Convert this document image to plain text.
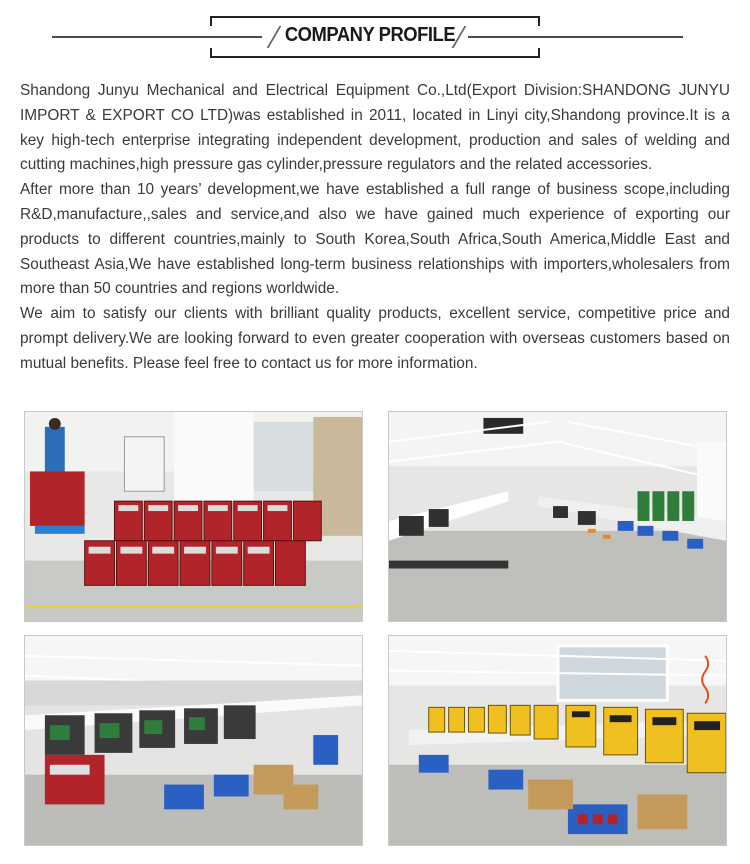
COMPANY PROFILE

Shandong Junyu Mechanical and Electrical Equipment Co.,Ltd(Export Division:SHANDONG JUNYU IMPORT & EXPORT CO LTD)was established in 2011, located in Linyi city,Shandong province.It is a key high-tech enterprise integrating independent development, production and sales of welding and cutting machines,high pressure gas cylinder,pressure regulators and the related accessories.

After more than 10 years’ development,we have established a full range of business scope,including R&D,manufacture,,sales and service,and also we have gained much experience of exporting our products to different countries,mainly to South Korea,South Africa,South America,Middle East and Southeast Asia,We have established long-term business relationships with importers,wholesalers from more than 50 countries and regions worldwide.

We aim to satisfy our clients with brilliant quality products, excellent service, competitive price and prompt delivery.We are looking forward to even greater cooperation with overseas customers based on mutual benefits. Please feel free to contact us for more information.
